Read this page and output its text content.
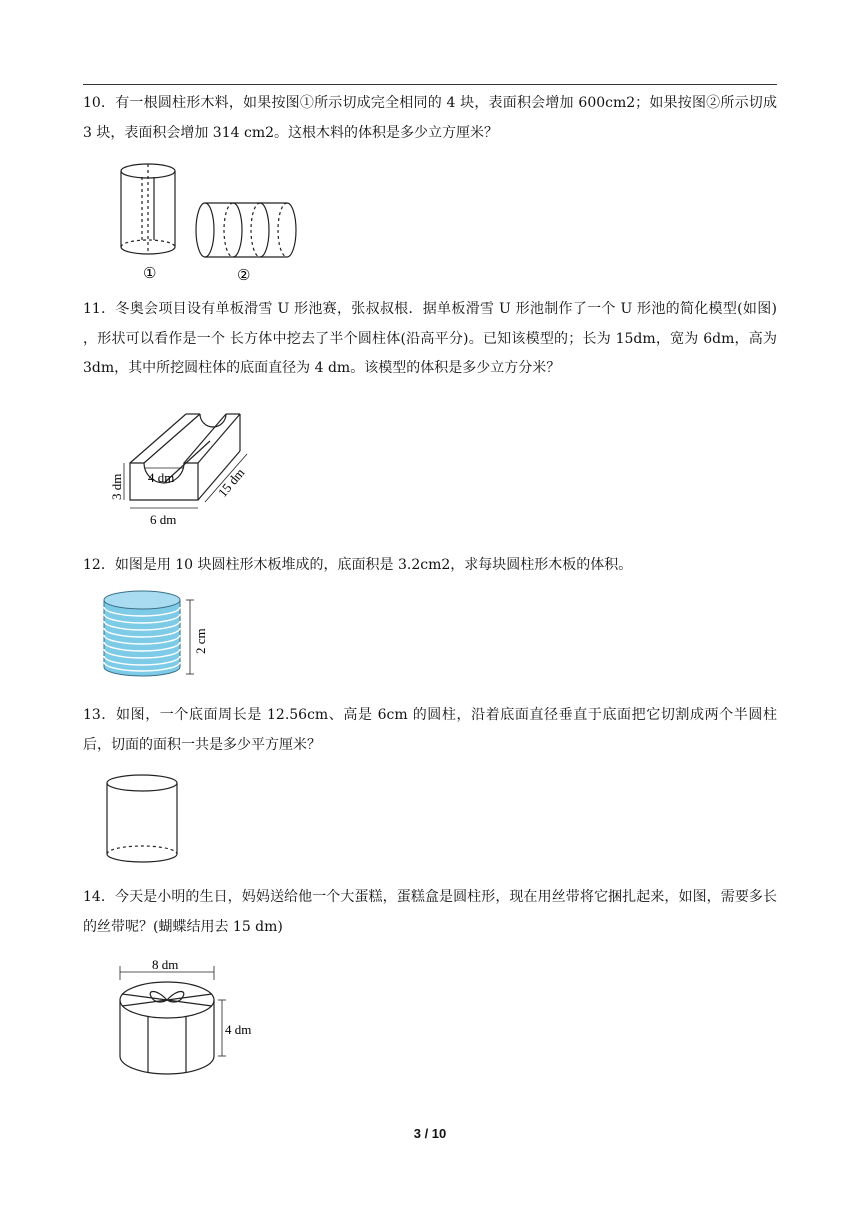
10．有一根圆柱形木料，如果按图①所示切成完全相同的 4 块，表面积会增加 600cm2；如果按图②所示切成 3 块，表面积会增加 314 cm2。这根木料的体积是多少立方厘米？
①	②
11．冬奥会项目设有单板滑雪 U 形池赛，张叔叔根．据单板滑雪 U 形池制作了一个 U 形池的简化模型(如图) ，形状可以看作是一个 长方体中挖去了半个圆柱体(沿高平分)。已知该模型的；长为 15dm，宽为 6dm，高为 3dm，其中所挖圆柱体的底面直径为 4 dm。该模型的体积是多少立方分米？
4 dm
3 dm
6 dm
15 dm
12．如图是用 10 块圆柱形木板堆成的，底面积是 3.2cm2，求每块圆柱形木板的体积。
2 cm
13．如图，一个底面周长是 12.56cm、高是 6cm 的圆柱，沿着底面直径垂直于底面把它切割成两个半圆柱后，切面的面积一共是多少平方厘米？
14．今天是小明的生日，妈妈送给他一个大蛋糕，蛋糕盒是圆柱形，现在用丝带将它捆扎起来，如图，需要多长的丝带呢？(蝴蝶结用去 15 dm)
8 dm
4 dm
3 / 10
